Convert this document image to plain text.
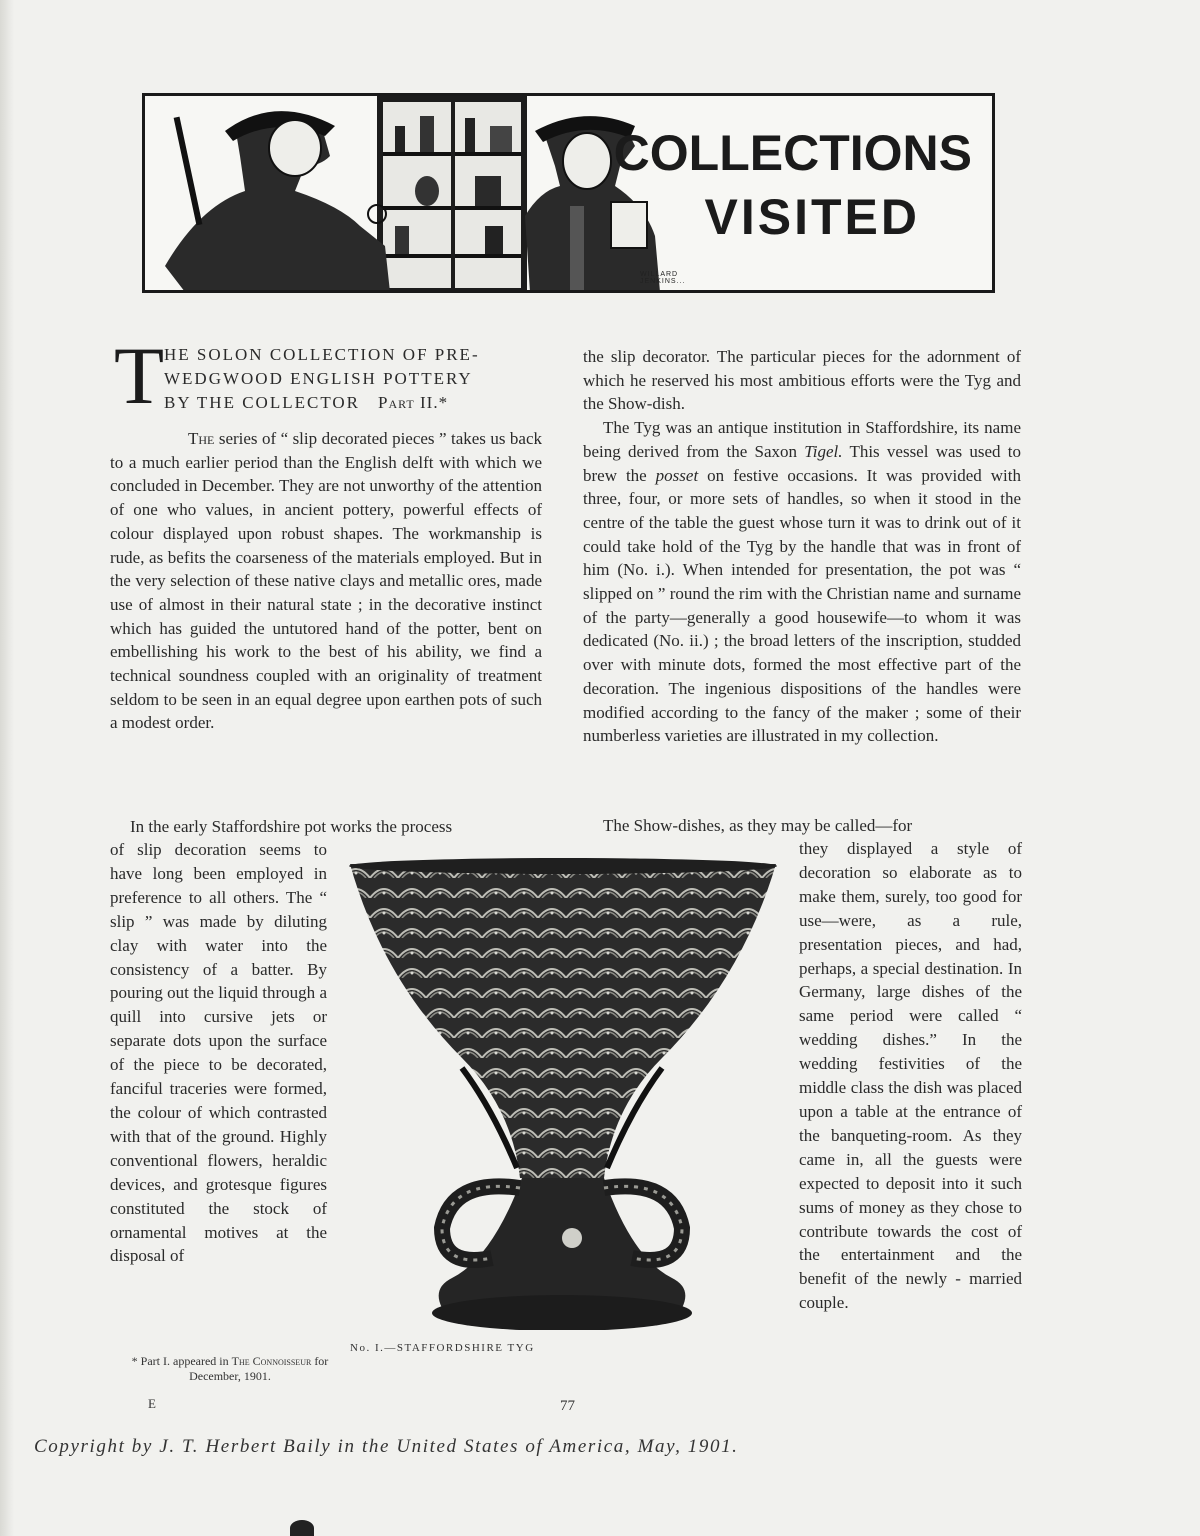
COLLECTIONS
VISITED
WILLARD
JENKINS...
T HE SOLON COLLECTION OF PRE-
WEDGWOOD ENGLISH POTTERY
BY THE COLLECTOR Part II.*

The series of “ slip decorated pieces ” takes us back to a much earlier period than the English delft with which we concluded in December. They are not unworthy of the attention of one who values, in ancient pottery, powerful effects of colour displayed upon robust shapes. The workmanship is rude, as befits the coarseness of the materials employed. But in the very selection of these native clays and metallic ores, made use of almost in their natural state ; in the decorative instinct which has guided the untutored hand of the potter, bent on embellishing his work to the best of his ability, we find a technical soundness coupled with an originality of treatment seldom to be seen in an equal degree upon earthen pots of such a modest order.

In the early Staffordshire pot works the process
of slip decoration seems to have long been employed in preference to all others. The “ slip ” was made by diluting clay with water into the consistency of a batter. By pouring out the liquid through a quill into cursive jets or separate dots upon the surface of the piece to be decorated, fanciful traceries were formed, the colour of which contrasted with that of the ground. Highly conventional flowers, heraldic devices, and grotesque figures constituted the stock of ornamental motives at the disposal of

the slip decorator. The particular pieces for the adornment of which he reserved his most ambitious efforts were the Tyg and the Show-dish.

The Tyg was an antique institution in Staffordshire, its name being derived from the Saxon Tigel. This vessel was used to brew the posset on festive occasions. It was provided with three, four, or more sets of handles, so when it stood in the centre of the table the guest whose turn it was to drink out of it could take hold of the Tyg by the handle that was in front of him (No. i.). When intended for presentation, the pot was “ slipped on ” round the rim with the Christian name and surname of the party—generally a good housewife—to whom it was dedicated (No. ii.) ; the broad letters of the inscription, studded over with minute dots, formed the most effective part of the decoration. The ingenious dispositions of the handles were modified according to the fancy of the maker ; some of their numberless varieties are illustrated in my collection.

The Show-dishes, as they may be called—for
they displayed a style of decoration so elaborate as to make them, surely, too good for use—were, as a rule, presentation pieces, and had, perhaps, a special destination. In Germany, large dishes of the same period were called “ wedding dishes.” In the wedding festivities of the middle class the dish was placed upon a table at the entrance of the banqueting-room. As they came in, all the guests were expected to deposit into it such sums of money as they chose to contribute towards the cost of the entertainment and the benefit of the newly - married couple.
No. I.—STAFFORDSHIRE TYG
* Part I. appeared in The Connoisseur for December, 1901.
E	77
Copyright by J. T. Herbert Baily in the United States of America, May, 1901.
